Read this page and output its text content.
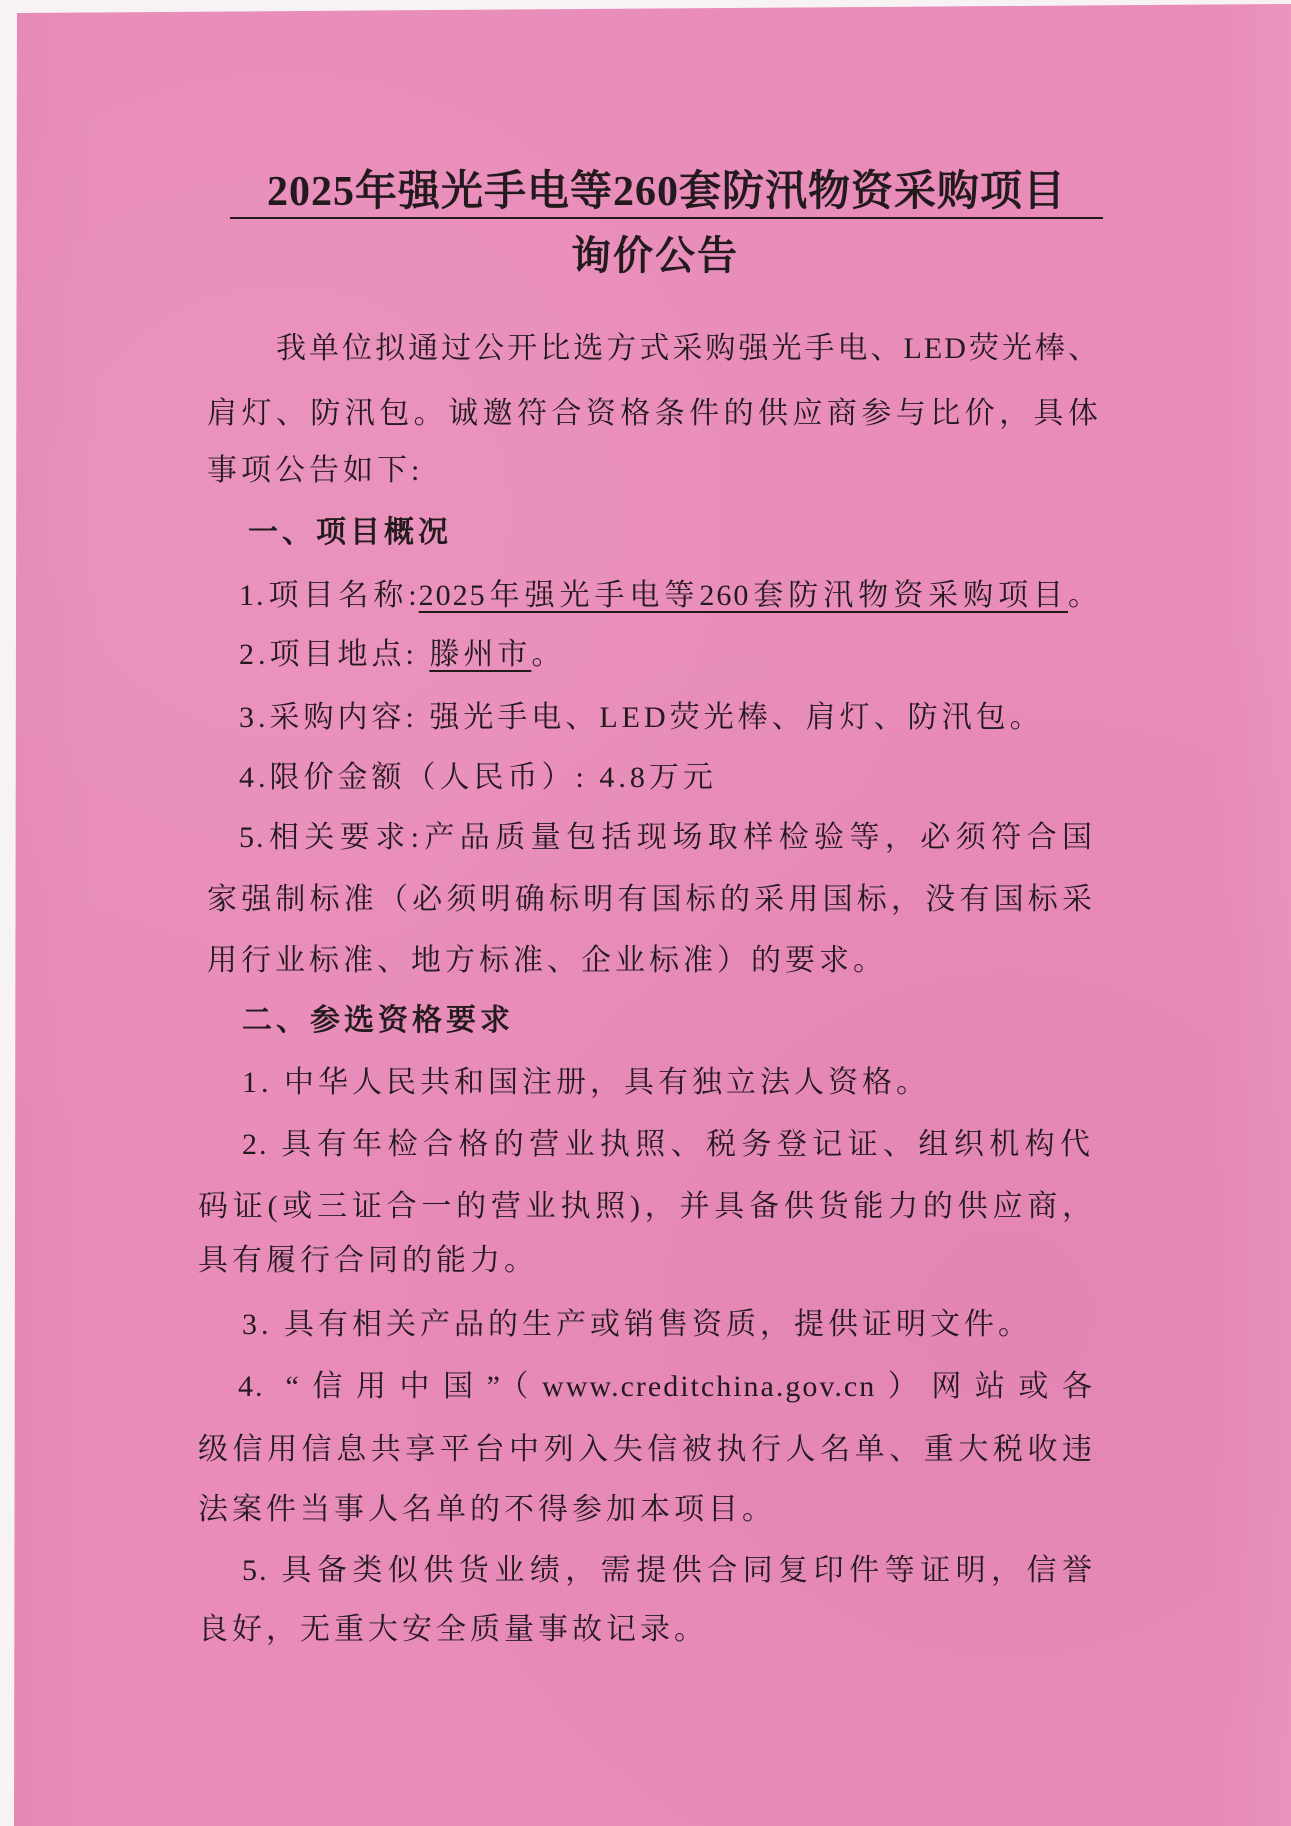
2025年强光手电等260套防汛物资采购项目
询价公告
我单位拟通过公开比选方式采购强光手电、LED荧光棒、
肩灯、防汛包。诚邀符合资格条件的供应商参与比价，具体
事项公告如下:
一、项目概况
1.项目名称:2025年强光手电等260套防汛物资采购项目。
2.项目地点: 滕州市。
3.采购内容: 强光手电、LED荧光棒、肩灯、防汛包。
4.限价金额（人民币）: 4.8万元
5.相关要求:产品质量包括现场取样检验等，必须符合国
家强制标准（必须明确标明有国标的采用国标，没有国标采
用行业标准、地方标准、企业标准）的要求。
二、参选资格要求
1. 中华人民共和国注册，具有独立法人资格。
2. 具有年检合格的营业执照、税务登记证、组织机构代
码证(或三证合一的营业执照)，并具备供货能力的供应商，
具有履行合同的能力。
3. 具有相关产品的生产或销售资质，提供证明文件。
4. “信用中国”（www.creditchina.gov.cn）网站或各
级信用信息共享平台中列入失信被执行人名单、重大税收违
法案件当事人名单的不得参加本项目。
5. 具备类似供货业绩，需提供合同复印件等证明，信誉
良好，无重大安全质量事故记录。
